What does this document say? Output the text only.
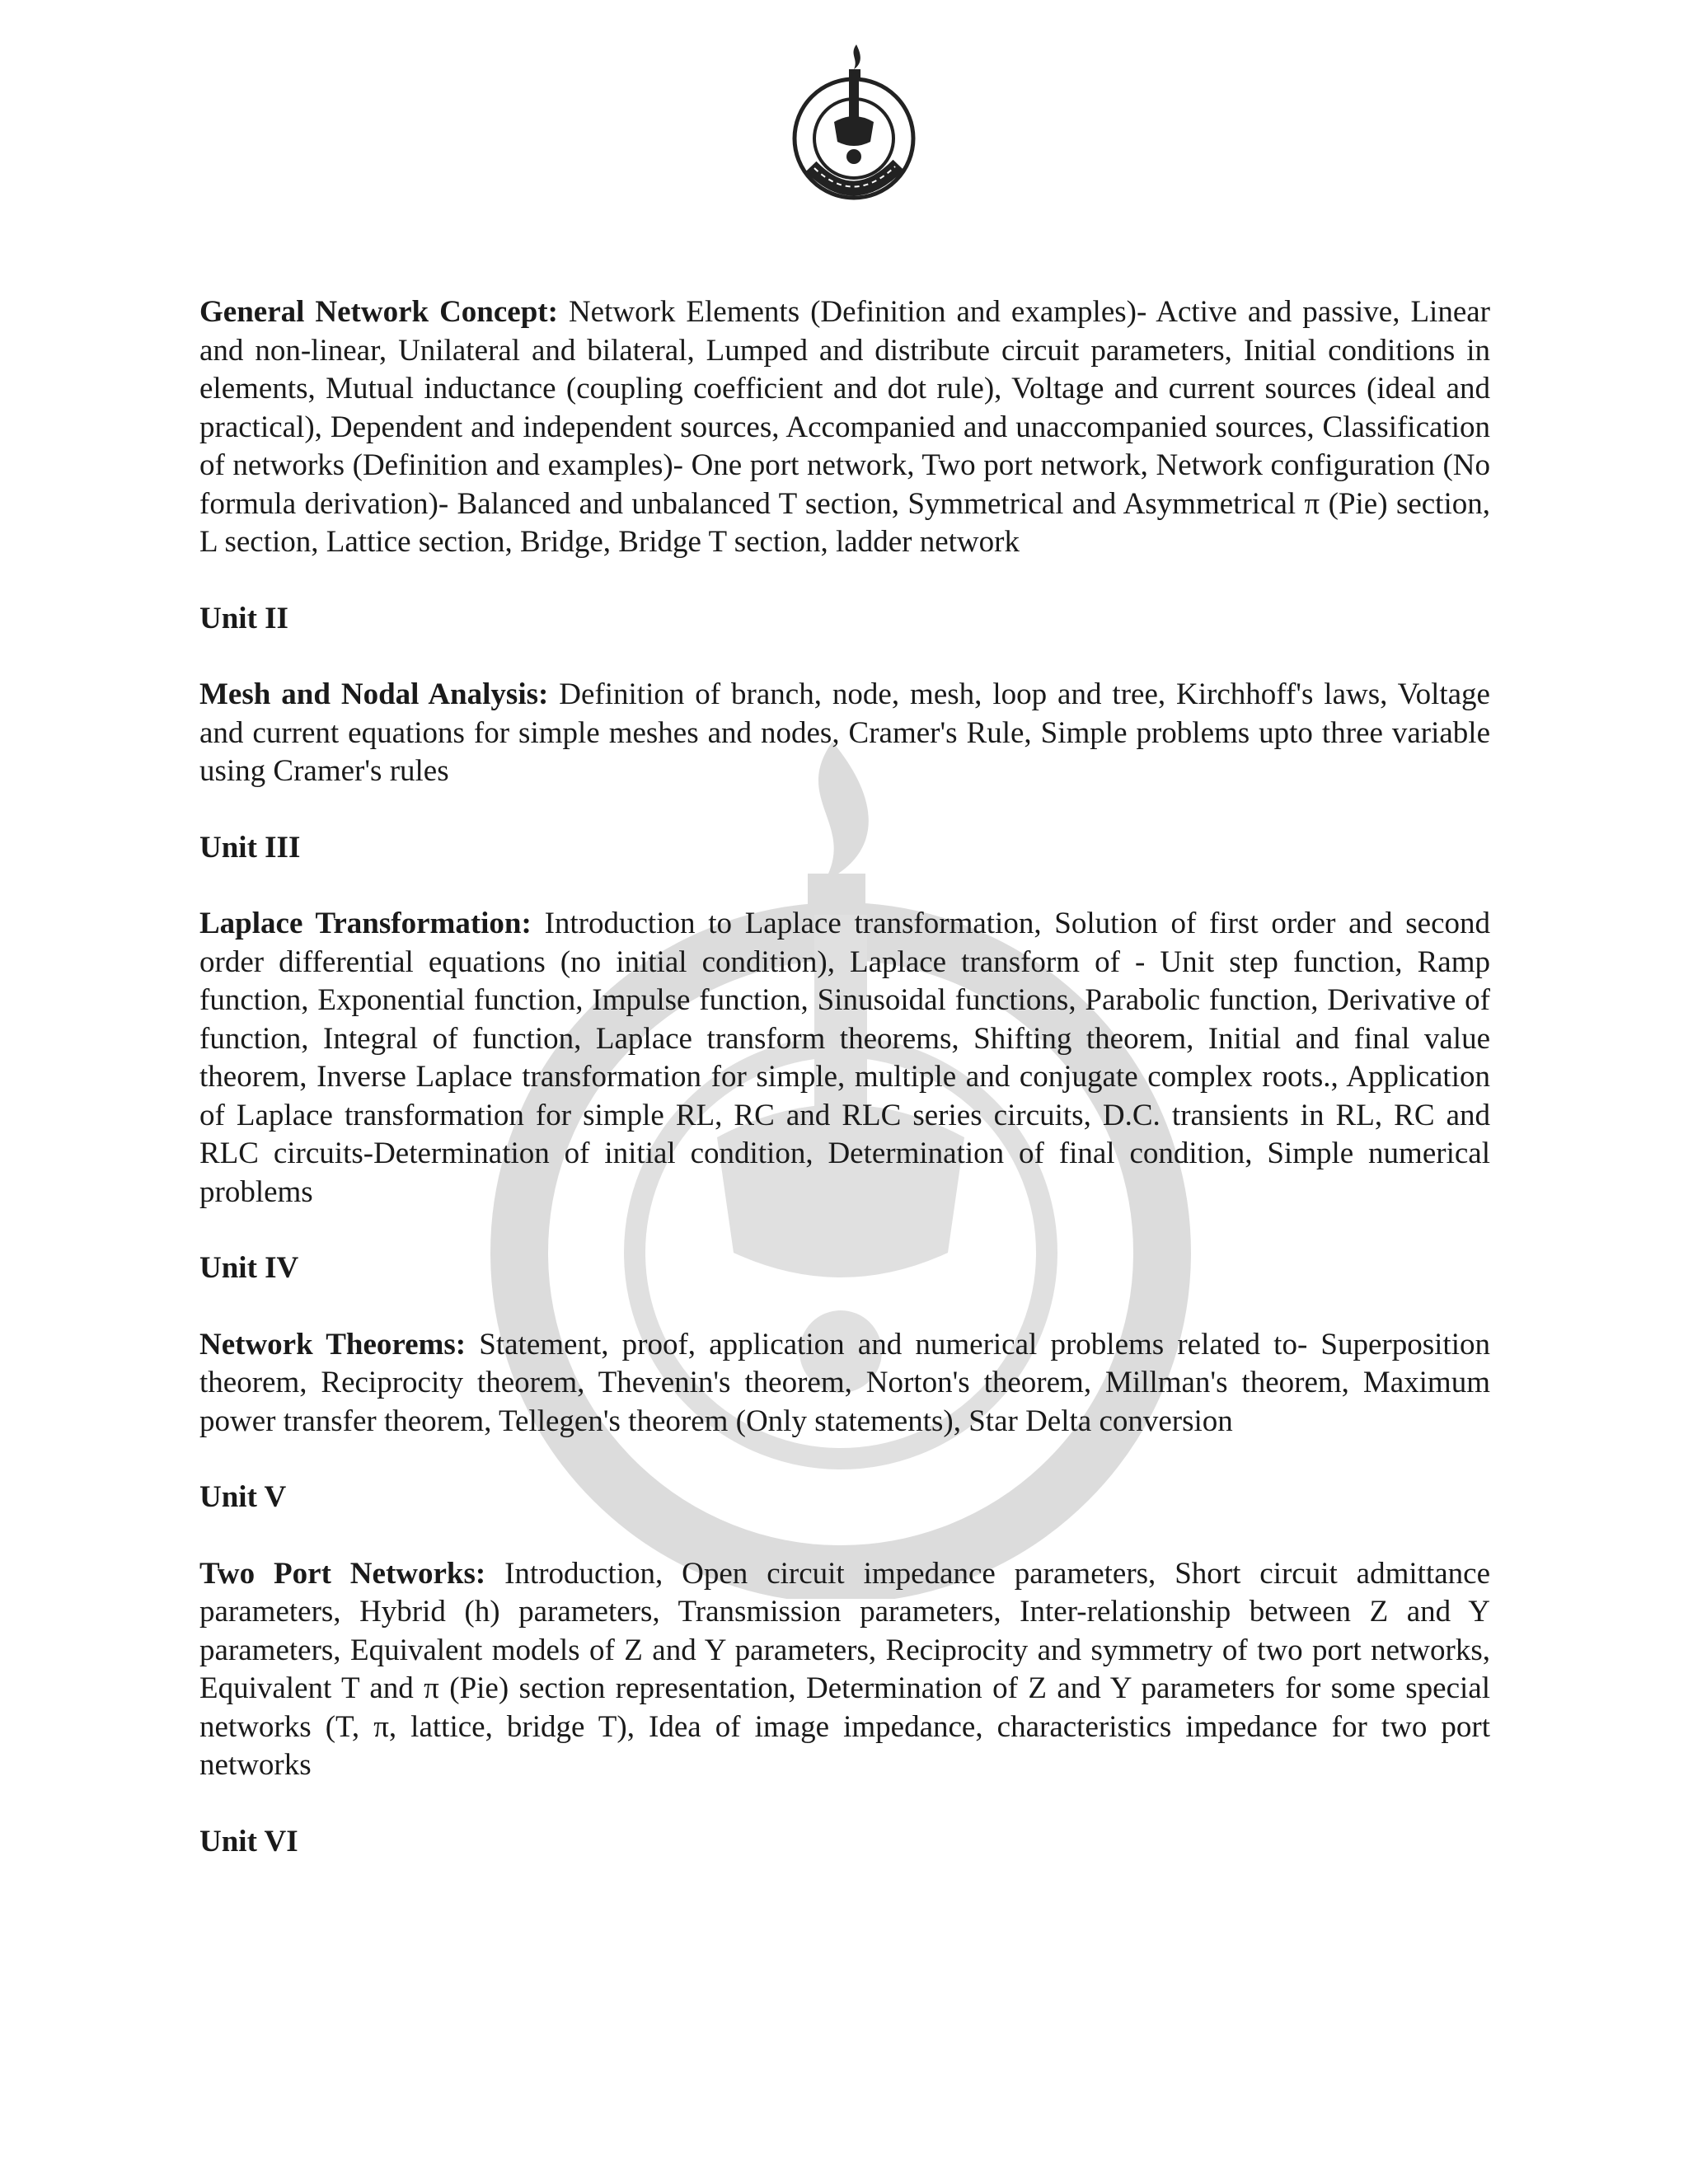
General Network Concept: Network Elements (Definition and examples)- Active and passive, Linear and non-linear, Unilateral and bilateral, Lumped and distribute circuit parameters, Initial conditions in elements, Mutual inductance (coupling coefficient and dot rule), Voltage and current sources (ideal and practical), Dependent and independent sources, Accompanied and unaccompanied sources, Classification of networks (Definition and examples)- One port network, Two port network, Network configuration (No formula derivation)- Balanced and unbalanced T section, Symmetrical and Asymmetrical π (Pie) section, L section, Lattice section, Bridge, Bridge T section, ladder network

Unit II

Mesh and Nodal Analysis: Definition of branch, node, mesh, loop and tree, Kirchhoff's laws, Voltage and current equations for simple meshes and nodes, Cramer's Rule, Simple problems upto three variable using Cramer's rules

Unit III

Laplace Transformation: Introduction to Laplace transformation, Solution of first order and second order differential equations (no initial condition), Laplace transform of - Unit step function, Ramp function, Exponential function, Impulse function, Sinusoidal functions, Parabolic function, Derivative of function, Integral of function, Laplace transform theorems, Shifting theorem, Initial and final value theorem, Inverse Laplace transformation for simple, multiple and conjugate complex roots., Application of Laplace transformation for simple RL, RC and RLC series circuits, D.C. transients in RL, RC and RLC circuits-Determination of initial condition, Determination of final condition, Simple numerical problems

Unit IV

Network Theorems: Statement, proof, application and numerical problems related to- Superposition theorem, Reciprocity theorem, Thevenin's theorem, Norton's theorem, Millman's theorem, Maximum power transfer theorem, Tellegen's theorem (Only statements), Star Delta conversion

Unit V

Two Port Networks: Introduction, Open circuit impedance parameters, Short circuit admittance parameters, Hybrid (h) parameters, Transmission parameters, Inter-relationship between Z and Y parameters, Equivalent models of Z and Y parameters, Reciprocity and symmetry of two port networks, Equivalent T and π (Pie) section representation, Determination of Z and Y parameters for some special networks (T, π, lattice, bridge T), Idea of image impedance, characteristics impedance for two port networks

Unit VI
